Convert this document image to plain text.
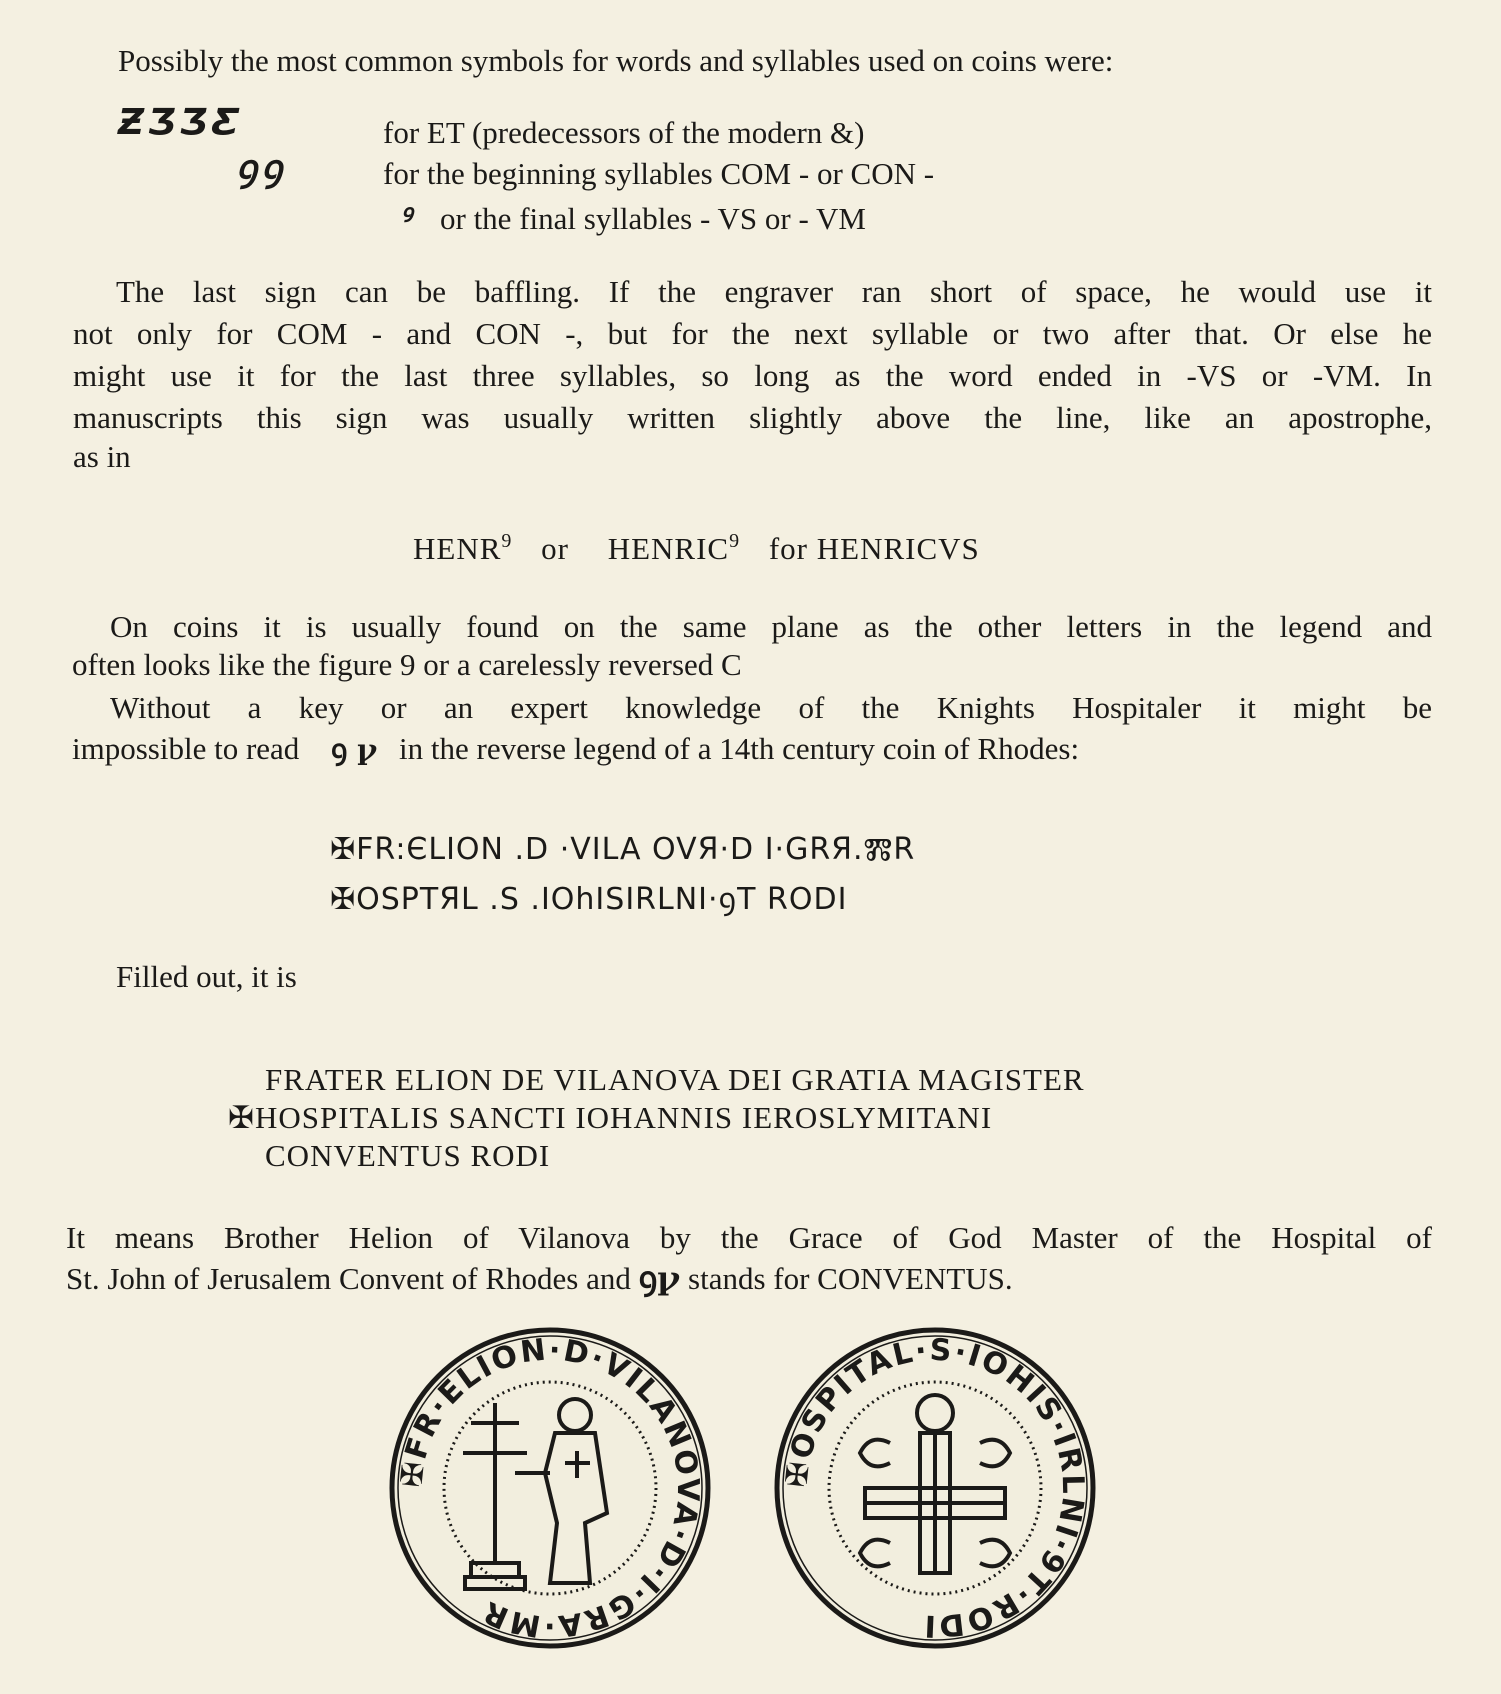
Possibly the most common symbols for words and syllables used on coins were:

ƵƷƷƸ	for ET (predecessors of the modern &)
ꝯꝯ	for the beginning syllables COM - or CON -
ꝰ or the final syllables - VS or - VM

The last sign can be baffling. If the engraver ran short of space, he would use it

not only for COM - and CON -, but for the next syllable or two after that. Or else he

might use it for the last three syllables, so long as the word ended in -VS or -VM. In

manuscripts this sign was usually written slightly above the line, like an apostrophe,

as in

HENR$^9$ or HENRIC$^9$ for HENRICVS

On coins it is usually found on the same plane as the other letters in the legend and

often looks like the figure 9 or a carelessly reversed C

Without a key or an expert knowledge of the Knights Hospitaler it might be

impossible to read ꝯ ꝩ in the reverse legend of a 14th century coin of Rhodes:

✠FR:ЄLION .D ·VILA OVЯ·D I·GRЯ.ⰏR

✠OSPTЯL .S .IOhISIRLNI·ꝯT RODI

Filled out, it is

FRATER ELION DE VILANOVA DEI GRATIA MAGISTER

✠HOSPITALIS SANCTI IOHANNIS IEROSLYMITANI

CONVENTUS RODI

It means Brother Helion of Vilanova by the Grace of God Master of the Hospital of

St. John of Jerusalem Convent of Rhodes and ꝯꝩ stands for CONVENTUS.

✠FR·ELION·D·VILANOVA·D·I·GRA·MR
✠OSPITAL·S·IOHIS·IRLNI·9T·RODI
